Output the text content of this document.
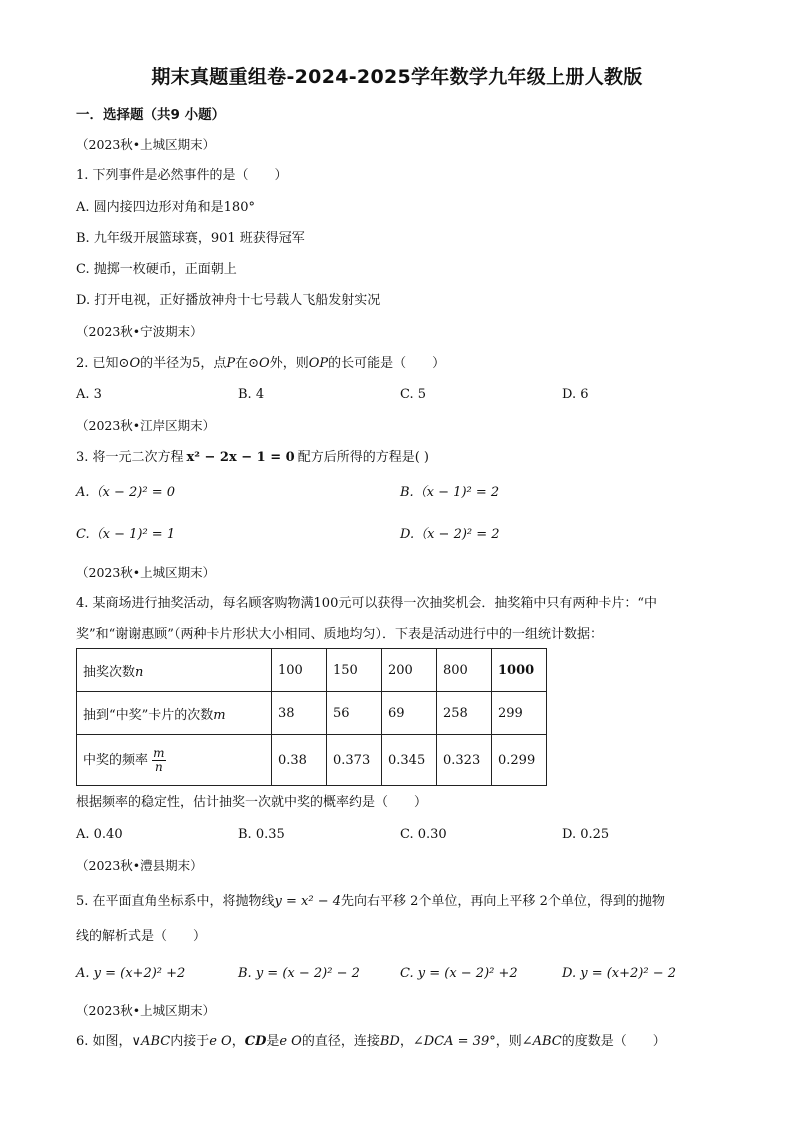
期末真题重组卷-2024-2025学年数学九年级上册人教版
一．选择题（共9 小题）
（2023秋•上城区期末）
1. 下列事件是必然事件的是（　　）
A. 圆内接四边形对角和是180°
B. 九年级开展篮球赛，901 班获得冠军
C. 抛掷一枚硬币，正面朝上
D. 打开电视，正好播放神舟十七号载人飞船发射实况
（2023秋•宁波期末）
2. 已知⊙O的半径为5，点P在⊙O外，则OP的长可能是（　　）
A. 3	B. 4	C. 5	D. 6
（2023秋•江岸区期末）
3. 将一元二次方程 x² − 2x − 1 = 0 配方后所得的方程是( )
A.（x − 2)² = 0	B.（x − 1)² = 2
C.（x − 1)² = 1	D.（x − 2)² = 2
（2023秋•上城区期末）
4. 某商场进行抽奖活动，每名顾客购物满100元可以获得一次抽奖机会．抽奖箱中只有两种卡片：“中
奖”和“谢谢惠顾”（两种卡片形状大小相同、质地均匀）．下表是活动进行中的一组统计数据：
抽奖次数n	100	150	200	800	1000
抽到“中奖”卡片的次数m	38	56	69	258	299
中奖的频率 $\frac{m}{n}$	0.38	0.373	0.345	0.323	0.299
根据频率的稳定性，估计抽奖一次就中奖的概率约是（　　）
A. 0.40	B. 0.35	C. 0.30	D. 0.25
（2023秋•澧县期末）
5. 在平面直角坐标系中，将抛物线y = x² − 4先向右平移 2个单位，再向上平移 2个单位，得到的抛物
线的解析式是（　　）
A. y = (x+2)² +2	B. y = (x − 2)² − 2	C. y = (x − 2)² +2	D. y = (x+2)² − 2
（2023秋•上城区期末）
6. 如图，∨ABC内接于e O，CD是e O的直径，连接BD，∠DCA = 39°，则∠ABC的度数是（　　）
